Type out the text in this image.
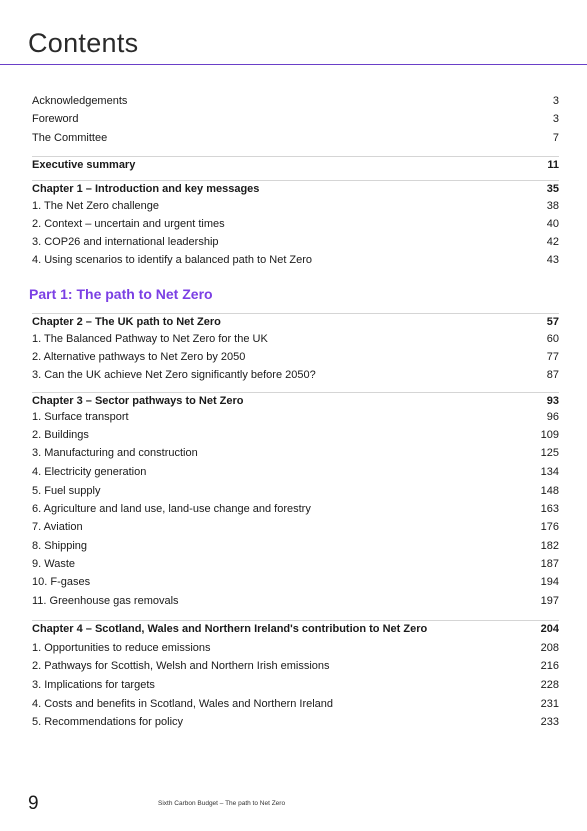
Contents
Acknowledgements	3
Foreword	3
The Committee	7
Executive summary	11
Chapter 1 – Introduction and key messages	35
1. The Net Zero challenge	38
2. Context – uncertain and urgent times	40
3. COP26 and international leadership	42
4. Using scenarios to identify a balanced path to Net Zero	43
Part 1: The path to Net Zero
Chapter 2 – The UK path to Net Zero	57
1. The Balanced Pathway to Net Zero for the UK	60
2. Alternative pathways to Net Zero by 2050	77
3. Can the UK achieve Net Zero significantly before 2050?	87
Chapter 3 – Sector pathways to Net Zero	93
1. Surface transport	96
2. Buildings	109
3. Manufacturing and construction	125
4. Electricity generation	134
5. Fuel supply	148
6. Agriculture and land use, land-use change and forestry	163
7. Aviation	176
8. Shipping	182
9. Waste	187
10. F-gases	194
11. Greenhouse gas removals	197
Chapter 4 – Scotland, Wales and Northern Ireland's contribution to Net Zero	204
1. Opportunities to reduce emissions	208
2. Pathways for Scottish, Welsh and Northern Irish emissions	216
3. Implications for targets	228
4. Costs and benefits in Scotland, Wales and Northern Ireland	231
5. Recommendations for policy	233
9	Sixth Carbon Budget – The path to Net Zero
